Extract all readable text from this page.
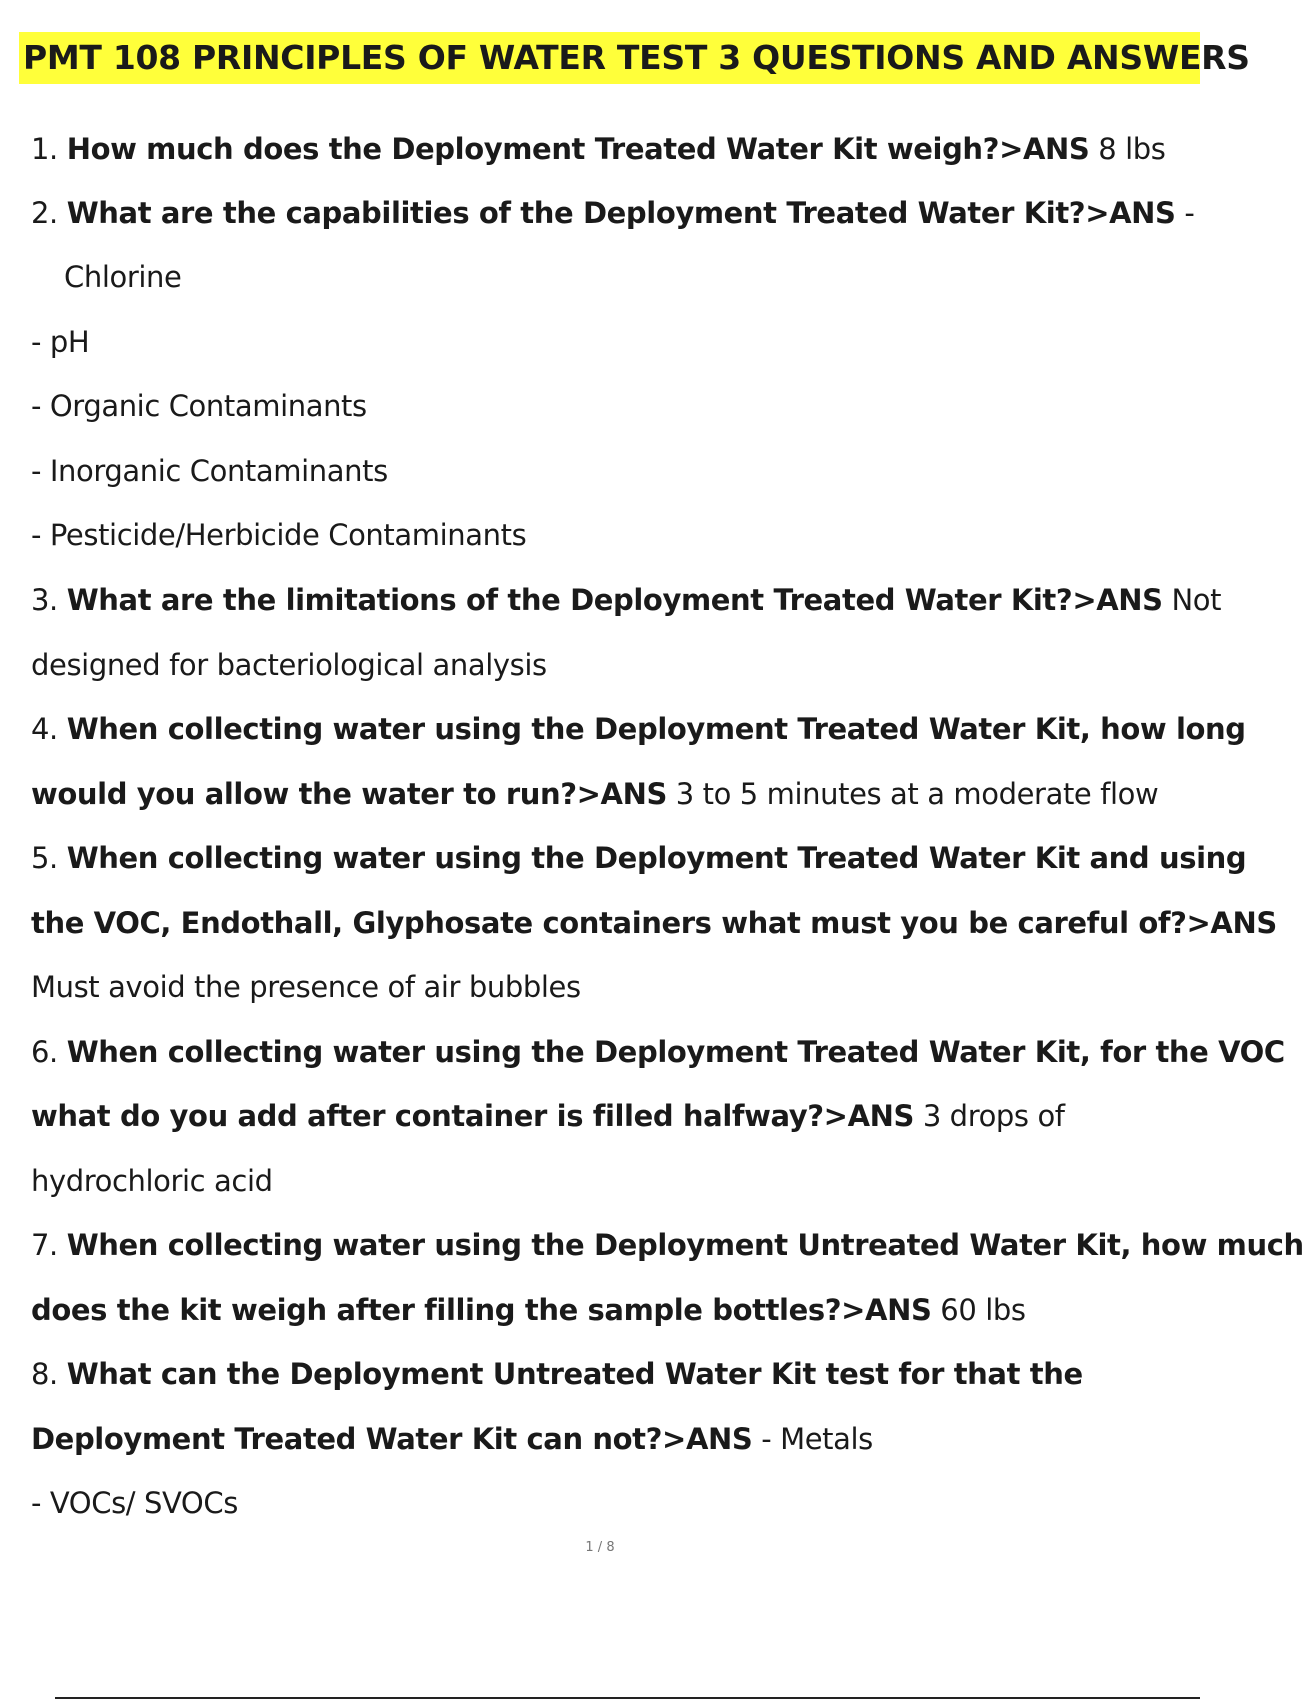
PMT 108 PRINCIPLES OF WATER TEST 3 QUESTIONS AND ANSWERS
1. How much does the Deployment Treated Water Kit weigh?>ANS 8 lbs
2. What are the capabilities of the Deployment Treated Water Kit?>ANS -
Chlorine
- pH
- Organic Contaminants
- Inorganic Contaminants
- Pesticide/Herbicide Contaminants
3. What are the limitations of the Deployment Treated Water Kit?>ANS Not
designed for bacteriological analysis
4. When collecting water using the Deployment Treated Water Kit, how long
would you allow the water to run?>ANS 3 to 5 minutes at a moderate flow
5. When collecting water using the Deployment Treated Water Kit and using
the VOC, Endothall, Glyphosate containers what must you be careful of?>ANS
Must avoid the presence of air bubbles
6. When collecting water using the Deployment Treated Water Kit, for the VOC
what do you add after container is filled halfway?>ANS 3 drops of
hydrochloric acid
7. When collecting water using the Deployment Untreated Water Kit, how much
does the kit weigh after filling the sample bottles?>ANS 60 lbs
8. What can the Deployment Untreated Water Kit test for that the
Deployment Treated Water Kit can not?>ANS - Metals
- VOCs/ SVOCs
1 / 8
